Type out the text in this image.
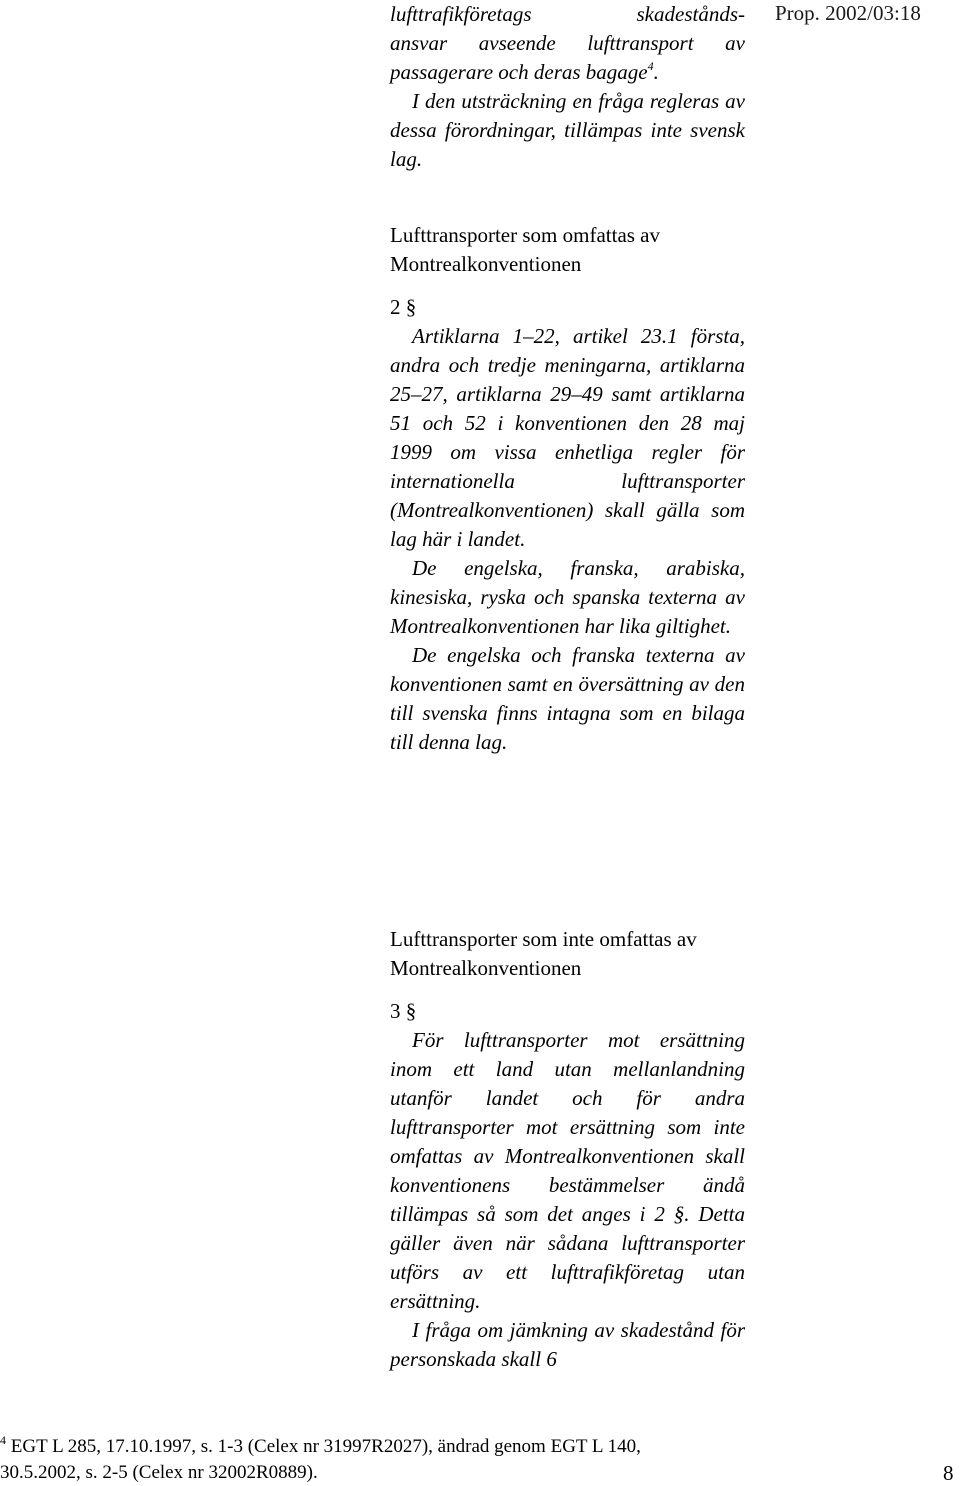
Prop. 2002/03:18

lufttrafikföretags skadestånds-
ansvar avseende lufttransport av
passagerare och deras bagage$^4$.

I den utsträckning en fråga regleras av dessa förordningar, tillämpas inte svensk lag.

Lufttransporter som omfattas av Montrealkonventionen

2 §

Artiklarna 1–22, artikel 23.1 första, andra och tredje meningarna, artiklarna 25–27, artiklarna 29–49 samt artiklarna 51 och 52 i konventionen den 28 maj 1999 om vissa enhetliga regler för internationella lufttransporter (Montrealkonventionen) skall gälla som lag här i landet.

De engelska, franska, arabiska, kinesiska, ryska och spanska texterna av Montrealkonventionen har lika giltighet.

De engelska och franska texterna av konventionen samt en översättning av den till svenska finns intagna som en bilaga till denna lag.

Lufttransporter som inte omfattas av Montrealkonventionen

3 §

För lufttransporter mot ersättning inom ett land utan mellanlandning utanför landet och för andra lufttransporter mot ersättning som inte omfattas av Montrealkonventionen skall konventionens bestämmelser ändå tillämpas så som det anges i 2 §. Detta gäller även när sådana lufttransporter utförs av ett lufttrafikföretag utan ersättning.

I fråga om jämkning av skadestånd för personskada skall 6

$^4$ EGT L 285, 17.10.1997, s. 1-3 (Celex nr 31997R2027), ändrad genom EGT L 140,
30.5.2002, s. 2-5 (Celex nr 32002R0889).	8
